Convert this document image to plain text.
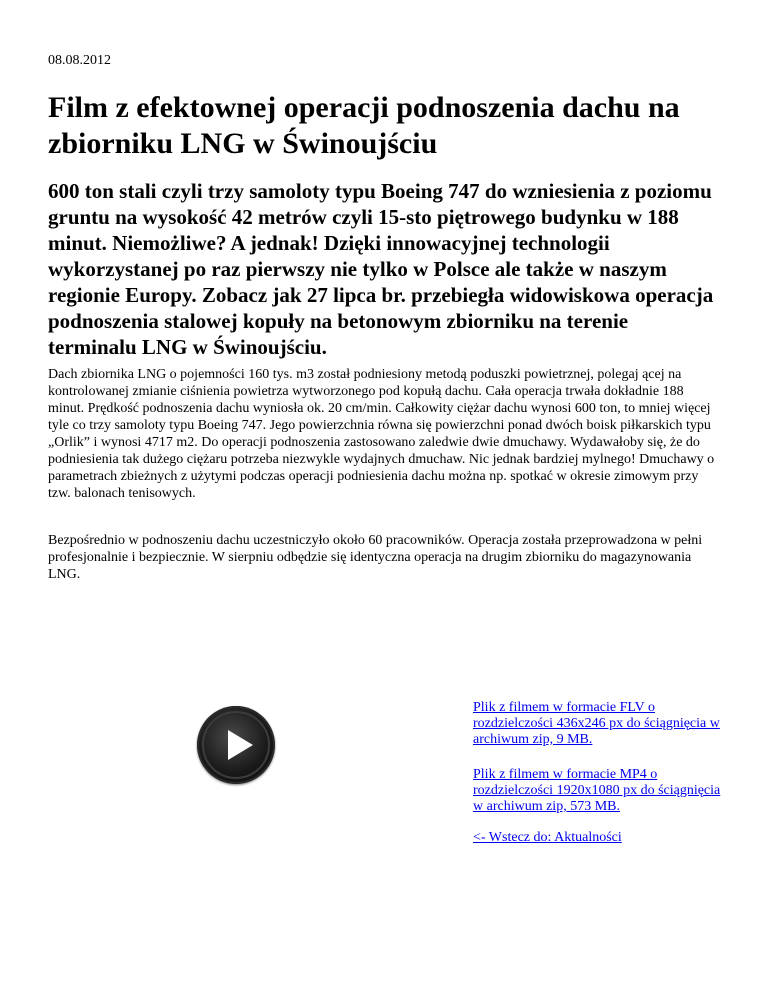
08.08.2012
Film z efektownej operacji podnoszenia dachu na zbiorniku LNG w Świnoujściu

600 ton stali czyli trzy samoloty typu Boeing 747 do wzniesienia z poziomu gruntu na wysokość 42 metrów czyli 15-sto piętrowego budynku w 188 minut. Niemożliwe? A jednak! Dzięki innowacyjnej technologii wykorzystanej po raz pierwszy nie tylko w Polsce ale także w naszym regionie Europy. Zobacz jak 27 lipca br. przebiegła widowiskowa operacja podnoszenia stalowej kopuły na betonowym zbiorniku na terenie terminalu LNG w Świnoujściu.

Dach zbiornika LNG o pojemności 160 tys. m3 został podniesiony metodą poduszki powietrznej, polegaj ącej na kontrolowanej zmianie ciśnienia powietrza wytworzonego pod kopułą dachu. Cała operacja trwała dokładnie 188 minut. Prędkość podnoszenia dachu wyniosła ok. 20 cm/min. Całkowity ciężar dachu wynosi 600 ton, to mniej więcej tyle co trzy samoloty typu Boeing 747. Jego powierzchnia równa się powierzchni ponad dwóch boisk piłkarskich typu „Orlik” i wynosi 4717 m2. Do operacji podnoszenia zastosowano zaledwie dwie dmuchawy. Wydawałoby się, że do podniesienia tak dużego ciężaru potrzeba niezwykle wydajnych dmuchaw. Nic jednak bardziej mylnego! Dmuchawy o parametrach zbieżnych z użytymi podczas operacji podniesienia dachu można np. spotkać w okresie zimowym przy tzw. balonach tenisowych.

Bezpośrednio w podnoszeniu dachu uczestniczyło około 60 pracowników. Operacja została przeprowadzona w pełni profesjonalnie i bezpiecznie. W sierpniu odbędzie się identyczna operacja na drugim zbiorniku do magazynowania LNG.

Plik z filmem w formacie FLV o rozdzielczości 436x246 px do ściągnięcia w archiwum zip, 9 MB.
Plik z filmem w formacie MP4 o rozdzielczości 1920x1080 px do ściągnięcia w archiwum zip, 573 MB.
<- Wstecz do: Aktualności
